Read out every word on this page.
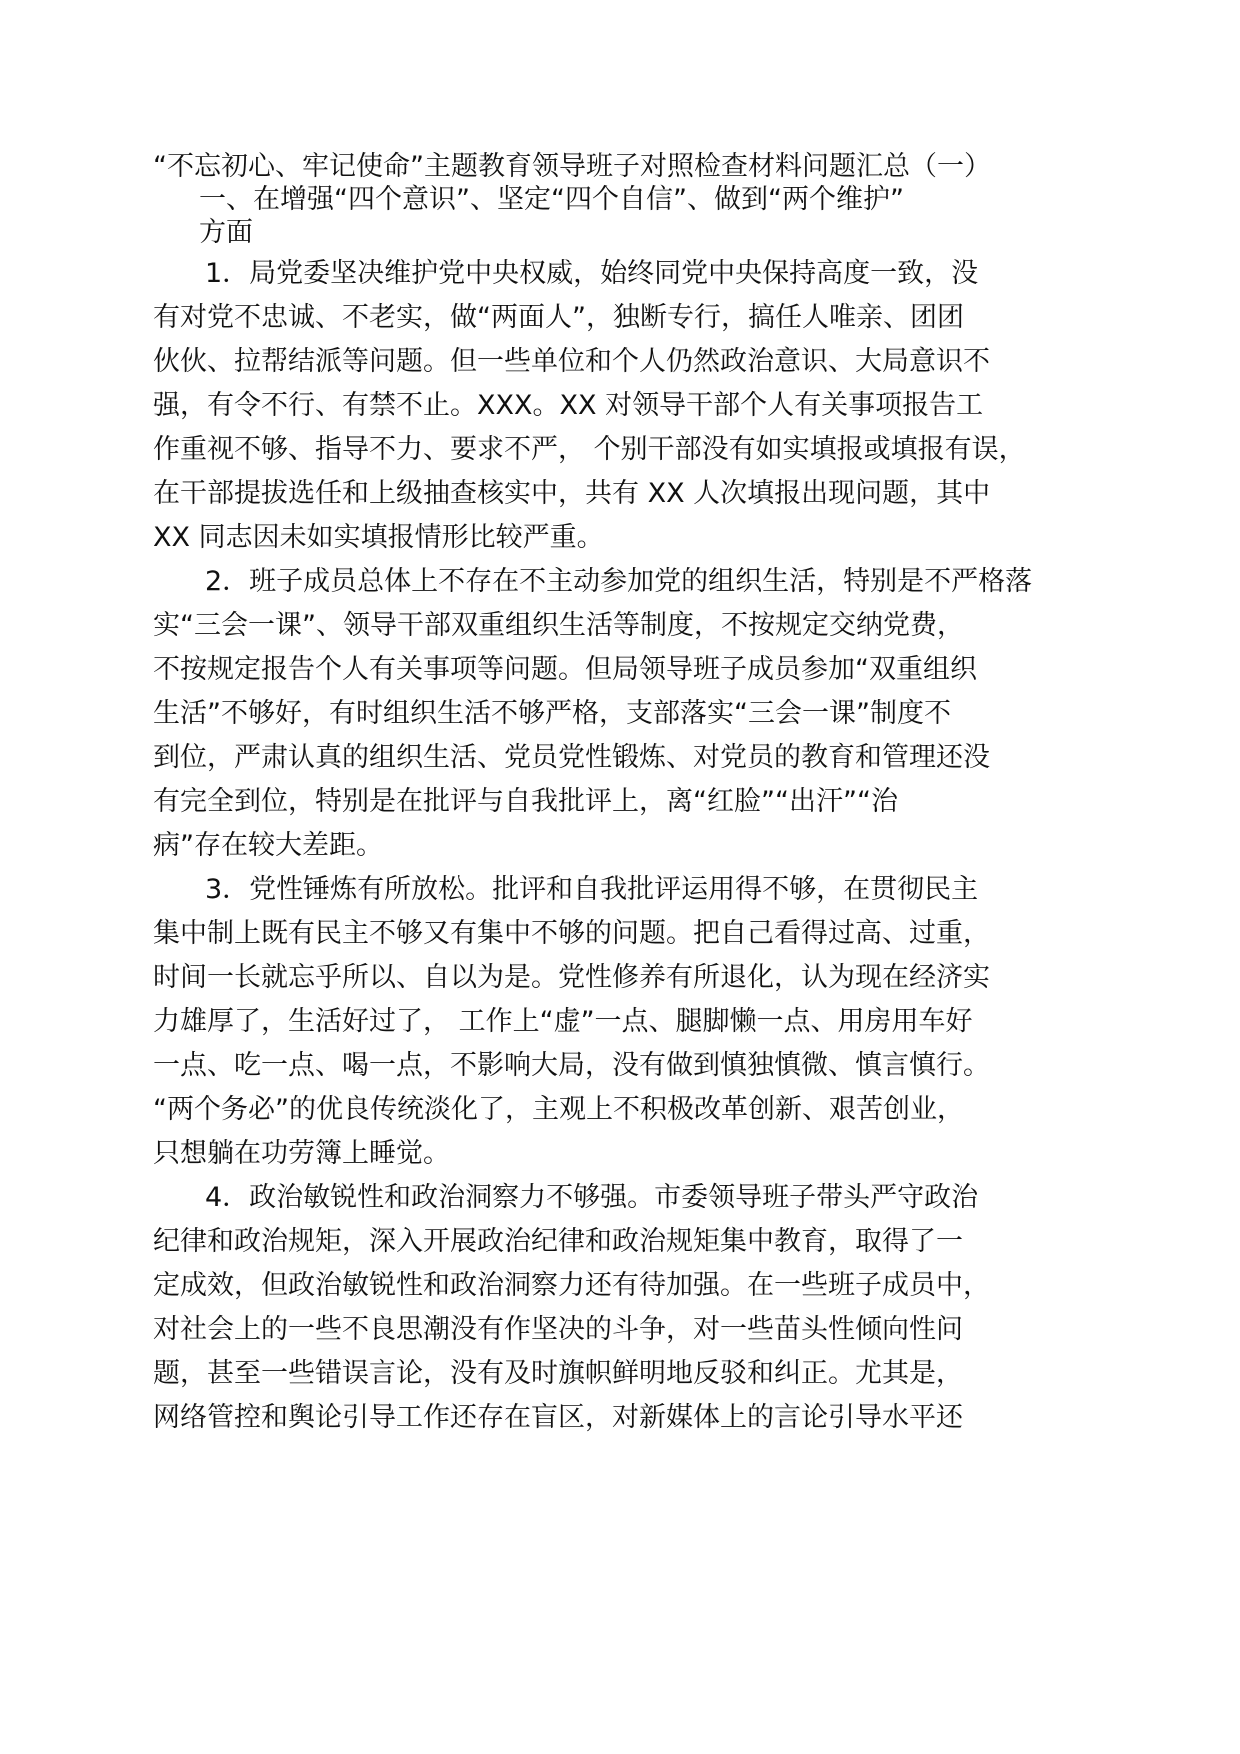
“不忘初心、牢记使命”主题教育领导班子对照检查材料问题汇总（一）

一、在增强“四个意识”、坚定“四个自信”、做到“两个维护”

方面

1．局党委坚决维护党中央权威，始终同党中央保持高度一致，没

有对党不忠诚、不老实，做“两面人”，独断专行，搞任人唯亲、团团

伙伙、拉帮结派等问题。但一些单位和个人仍然政治意识、大局意识不

强，有令不行、有禁不止。XXX。XX 对领导干部个人有关事项报告工

作重视不够、指导不力、要求不严， 个别干部没有如实填报或填报有误，

在干部提拔选任和上级抽查核实中，共有 XX 人次填报出现问题，其中

XX 同志因未如实填报情形比较严重。

2．班子成员总体上不存在不主动参加党的组织生活，特别是不严格落

实“三会一课”、领导干部双重组织生活等制度，不按规定交纳党费，

不按规定报告个人有关事项等问题。但局领导班子成员参加“双重组织

生活”不够好，有时组织生活不够严格，支部落实“三会一课”制度不

到位，严肃认真的组织生活、党员党性锻炼、对党员的教育和管理还没

有完全到位，特别是在批评与自我批评上，离“红脸”“出汗”“治

病”存在较大差距。

3．党性锤炼有所放松。批评和自我批评运用得不够，在贯彻民主

集中制上既有民主不够又有集中不够的问题。把自己看得过高、过重，

时间一长就忘乎所以、自以为是。党性修养有所退化，认为现在经济实

力雄厚了，生活好过了， 工作上“虚”一点、腿脚懒一点、用房用车好

一点、吃一点、喝一点，不影响大局，没有做到慎独慎微、慎言慎行。

“两个务必”的优良传统淡化了，主观上不积极改革创新、艰苦创业，

只想躺在功劳簿上睡觉。

4．政治敏锐性和政治洞察力不够强。市委领导班子带头严守政治

纪律和政治规矩，深入开展政治纪律和政治规矩集中教育，取得了一

定成效，但政治敏锐性和政治洞察力还有待加强。在一些班子成员中，

对社会上的一些不良思潮没有作坚决的斗争，对一些苗头性倾向性问

题，甚至一些错误言论，没有及时旗帜鲜明地反驳和纠正。尤其是，

网络管控和舆论引导工作还存在盲区，对新媒体上的言论引导水平还
